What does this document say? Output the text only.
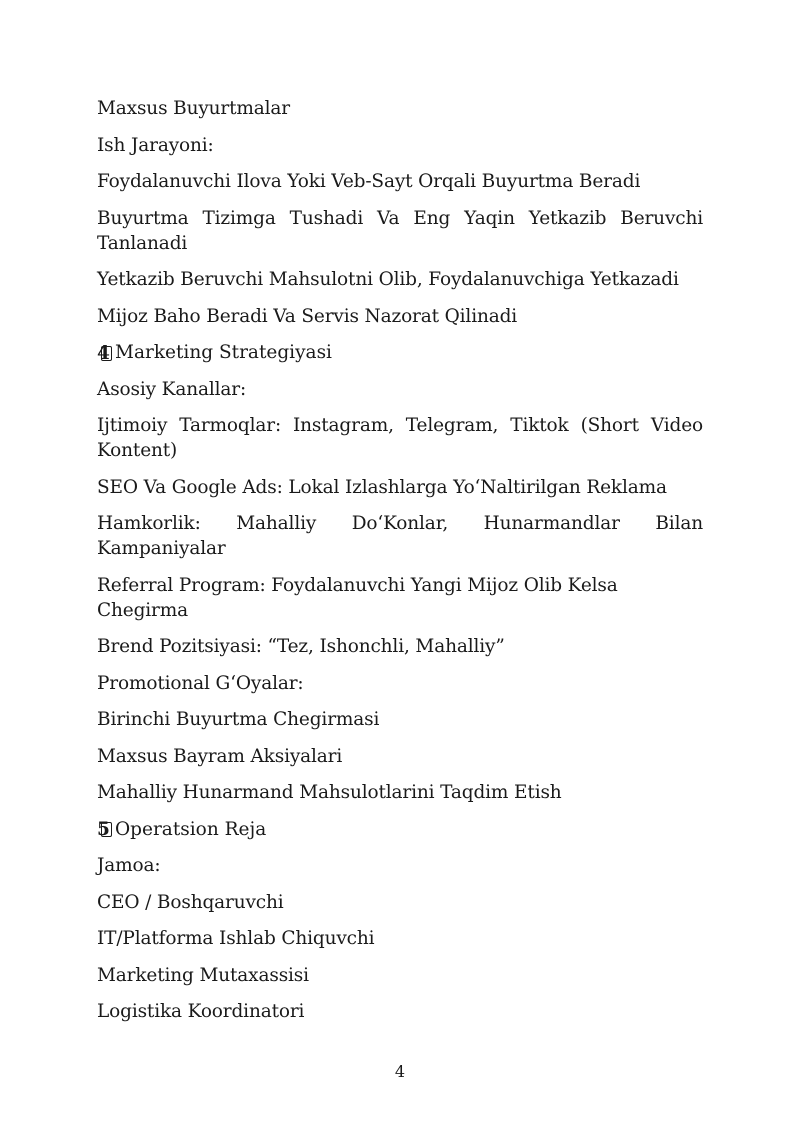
Maxsus Buyurtmalar

Ish Jarayoni:

Foydalanuvchi Ilova Yoki Veb-Sayt Orqali Buyurtma Beradi

Buyurtma Tizimga Tushadi Va Eng Yaqin Yetkazib Beruvchi Tanlanadi

Yetkazib Beruvchi Mahsulotni Olib, Foydalanuvchiga Yetkazadi

Mijoz Baho Beradi Va Servis Nazorat Qilinadi

4 Marketing Strategiyasi

Asosiy Kanallar:

Ijtimoiy Tarmoqlar: Instagram, Telegram, Tiktok (Short Video Kontent)

SEO Va Google Ads: Lokal Izlashlarga Yo‘Naltirilgan Reklama

Hamkorlik: Mahalliy Do‘Konlar, Hunarmandlar Bilan Kampaniyalar

Referral Program: Foydalanuvchi Yangi Mijoz Olib Kelsa Chegirma

Brend Pozitsiyasi: “Tez, Ishonchli, Mahalliy”

Promotional G‘Oyalar:

Birinchi Buyurtma Chegirmasi

Maxsus Bayram Aksiyalari

Mahalliy Hunarmand Mahsulotlarini Taqdim Etish

5 Operatsion Reja

Jamoa:

CEO / Boshqaruvchi

IT/Platforma Ishlab Chiquvchi

Marketing Mutaxassisi

Logistika Koordinatori

4
